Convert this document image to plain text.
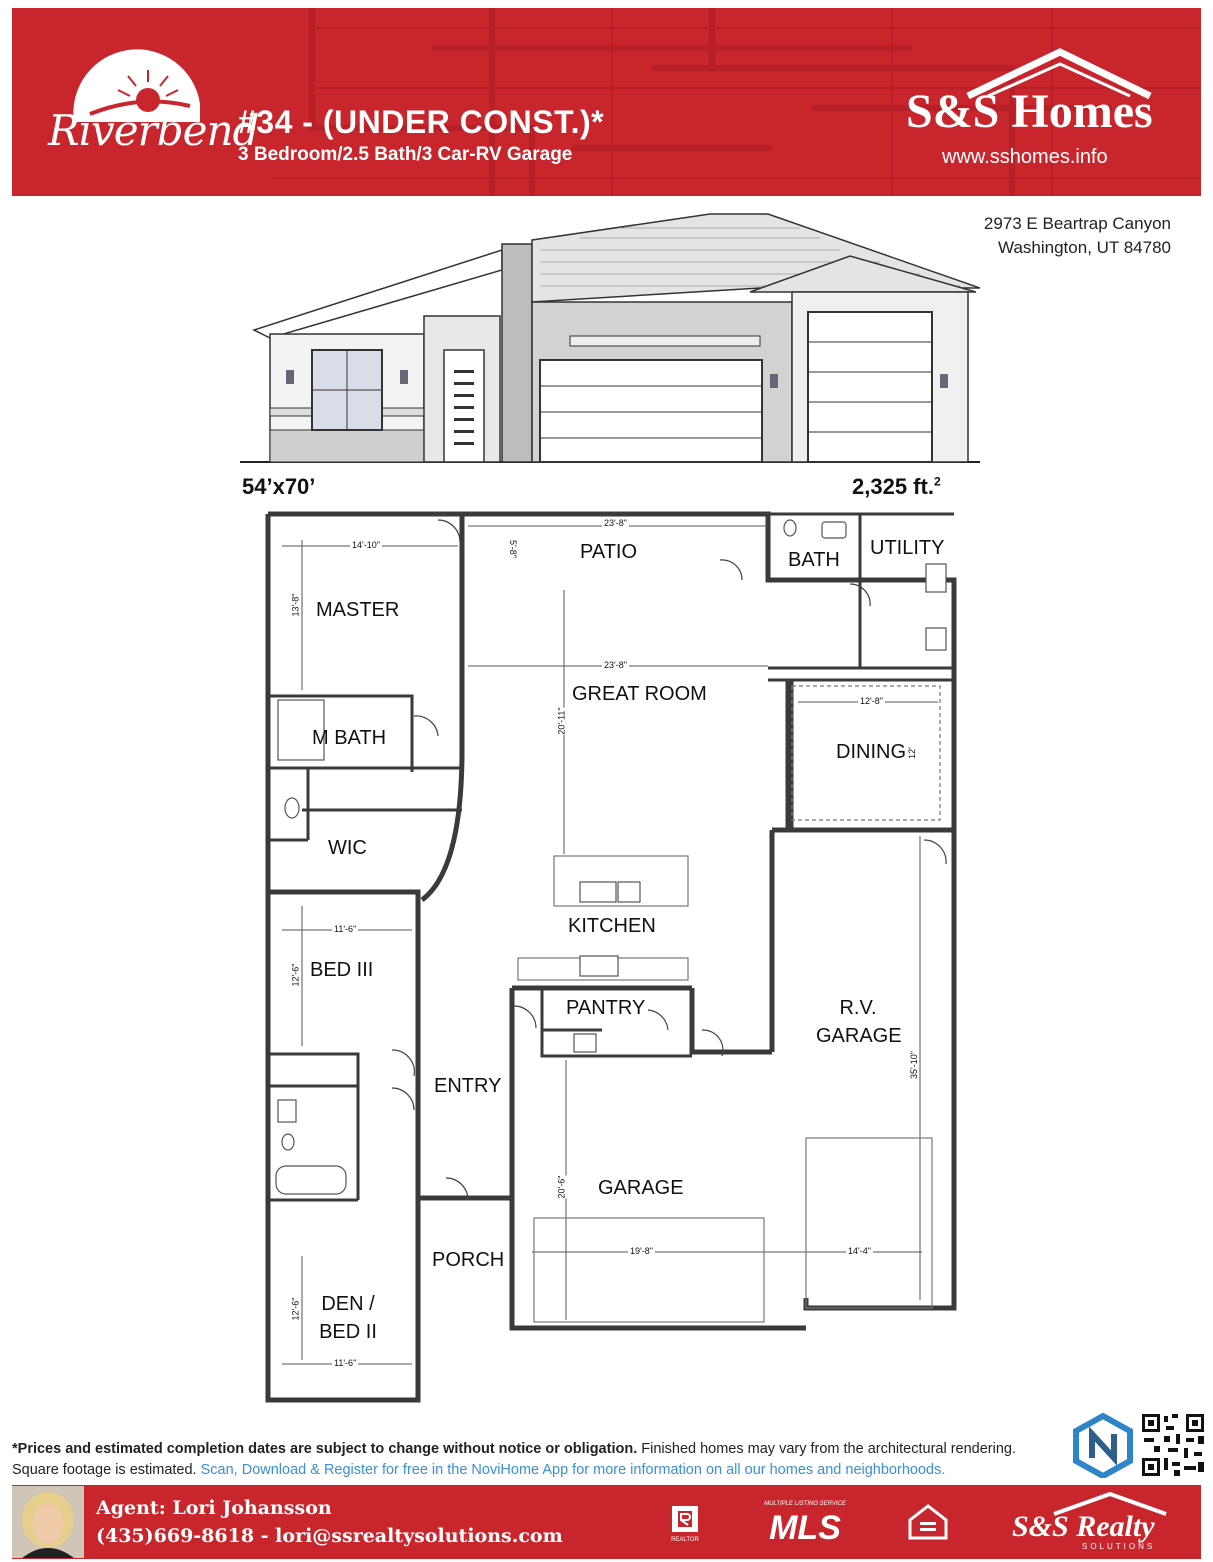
Riverbend
#34 - (UNDER CONST.)*
3 Bedroom/2.5 Bath/3 Car-RV Garage
S&S Homes
www.sshomes.info
2973 E Beartrap Canyon
Washington, UT 84780
54’x70’	2,325 ft.$^2$
PATIO	BATH
UTILITY
MASTER
GREAT ROOM
M BATH
DINING
WIC
KITCHEN
BED III
PANTRY	R.V.
GARAGE
ENTRY
GARAGE
PORCH
DEN /
BED II
23'-8"
5'-8"
14'-10"
13'-8"
23'-8"
20'-11"
12'-8"
12'
11'-6"
12'-6"
35'-10"
20'-6"
19'-8"	14'-4"
12'-6"
11'-6"
*Prices and estimated completion dates are subject to change without notice or obligation. Finished homes may vary from the architectural rendering. Square footage is estimated. Scan, Download & Register for free in the NoviHome App for more information on all our homes and neighborhoods.
Agent: Lori Johansson
(435)669-8618 - lori@ssrealtysolutions.com	REALTOR
MULTIPLE LISTING SERVICE
MLS	S&S Realty
SOLUTIONS
